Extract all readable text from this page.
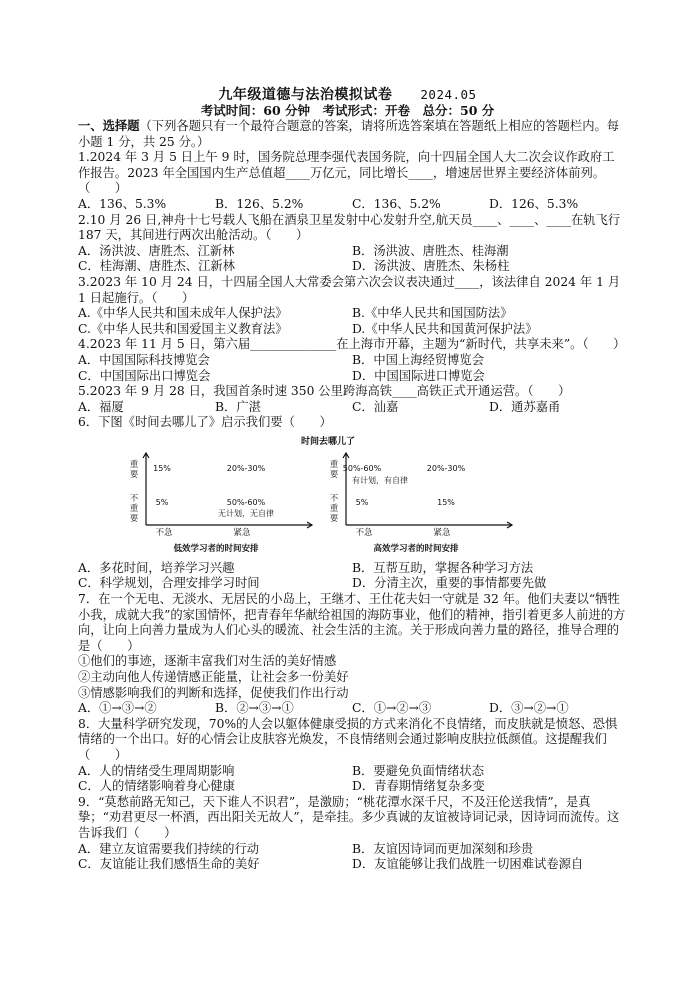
九年级道德与法治模拟试卷 2024.05
考试时间：60 分钟　考试形式：开卷　总分：50 分

一、选择题（下列各题只有一个最符合题意的答案，请将所选答案填在答题纸上相应的答题栏内。每小题 1 分，共 25 分。）

1.2024 年 3 月 5 日上午 9 时，国务院总理李强代表国务院，向十四届全国人大二次会议作政府工作报告。2023 年全国国内生产总值超____万亿元，同比增长____，增速居世界主要经济体前列。（　　）

A．136、5.3%	B．126、5.2%	C．136、5.2%	D．126、5.3%

2.10 月 26 日,神舟十七号载人飞船在酒泉卫星发射中心发射升空,航天员____、____、____在轨飞行 187 天，其间进行两次出舱活动。（　　）

A．汤洪波、唐胜杰、江新林	B．汤洪波、唐胜杰、桂海潮
C．桂海潮、唐胜杰、江新林	D．汤洪波、唐胜杰、朱杨柱

3.2023 年 10 月 24 日，十四届全国人大常委会第六次会议表决通过____，该法律自 2024 年 1 月 1 日起施行。（　　）

A.《中华人民共和国未成年人保护法》	B.《中华人民共和国国防法》
C.《中华人民共和国爱国主义教育法》	D.《中华人民共和国黄河保护法》

4.2023 年 11 月 5 日，第六届______________在上海市开幕，主题为“新时代，共享未来”。（　　）

A．中国国际科技博览会	B．中国上海经贸博览会
C．中国国际出口博览会	D．中国国际进口博览会

5.2023 年 9 月 28 日，我国首条时速 350 公里跨海高铁____高铁正式开通运营。（　　）

A．福厦	B．广湛	C．汕嘉	D．通苏嘉甬

6．下图《时间去哪儿了》启示我们要（　　）

时间去哪儿了
重
要
不
重
要
不急	紧急
15%	20%-30%
5%	50%-60%
无计划，无自律
低效学习者的时间安排
重
要
不
重
要
不急	紧急
50%-60%	20%-30%
5%	15%
有计划，有自律
高效学习者的时间安排
A．多花时间，培养学习兴趣	B．互帮互助，掌握各种学习方法
C．科学规划，合理安排学习时间	D．分清主次，重要的事情都要先做

7．在一个无电、无淡水、无居民的小岛上，王继才、王仕花夫妇一守就是 32 年。他们夫妻以“牺牲小我，成就大我”的家国情怀，把青春年华献给祖国的海防事业，他们的精神，指引着更多人前进的方向，让向上向善力量成为人们心头的暖流、社会生活的主流。关于形成向善力量的路径，推导合理的是（　　）

①他们的事迹，逐渐丰富我们对生活的美好情感

②主动向他人传递情感正能量，让社会多一份美好

③情感影响我们的判断和选择，促使我们作出行动

A．①→③→②	B．②→③→①	C．①→②→③	D．③→②→①

8．大量科学研究发现，70%的人会以躯体健康受损的方式来消化不良情绪，而皮肤就是愤怒、恐惧情绪的一个出口。好的心情会让皮肤容光焕发，不良情绪则会通过影响皮肤拉低颜值。这提醒我们（　　）

A．人的情绪受生理周期影响	B．要避免负面情绪状态
C．人的情绪影响着身心健康	D．青春期情绪复杂多变

9．“莫愁前路无知己，天下谁人不识君”，是激励；“桃花潭水深千尺，不及汪伦送我情”，是真挚；“劝君更尽一杯酒，西出阳关无故人”，是牵挂。多少真诚的友谊被诗词记录，因诗词而流传。这告诉我们（　　）

A．建立友谊需要我们持续的行动	B．友谊因诗词而更加深刻和珍贵
C．友谊能让我们感悟生命的美好	D．友谊能够让我们战胜一切困难试卷源自
